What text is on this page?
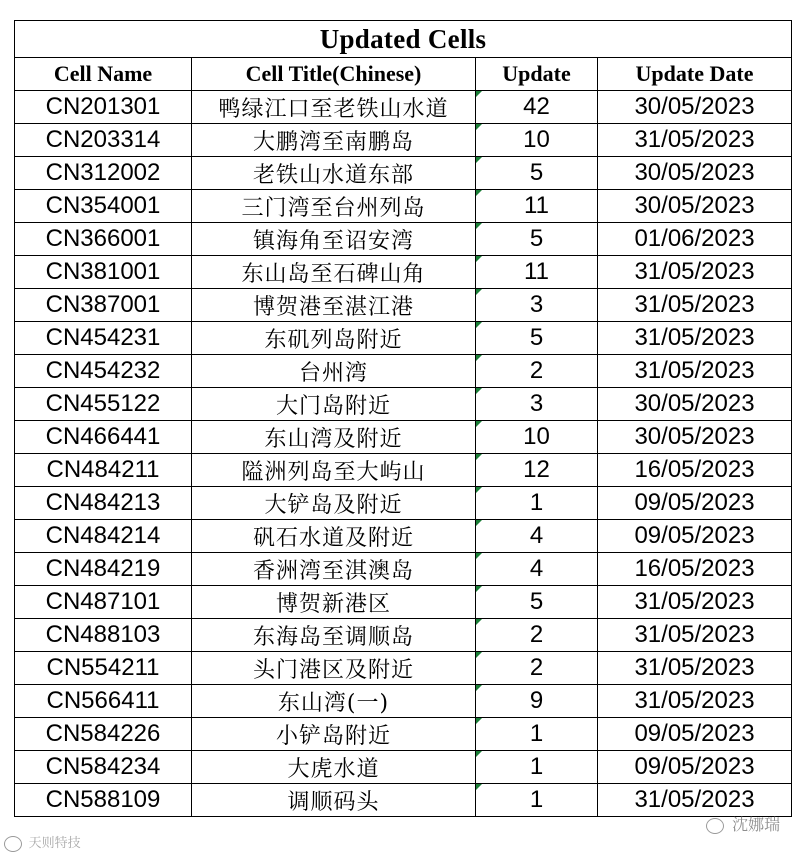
Updated Cells			
Cell Name	Cell Title(Chinese)	Update	Update Date
CN201301	鸭绿江口至老铁山水道	42	30/05/2023
CN203314	大鹏湾至南鹏岛	10	31/05/2023
CN312002	老铁山水道东部	5	30/05/2023
CN354001	三门湾至台州列岛	11	30/05/2023
CN366001	镇海角至诏安湾	5	01/06/2023
CN381001	东山岛至石碑山角	11	31/05/2023
CN387001	博贺港至湛江港	3	31/05/2023
CN454231	东矶列岛附近	5	31/05/2023
CN454232	台州湾	2	31/05/2023
CN455122	大门岛附近	3	30/05/2023
CN466441	东山湾及附近	10	30/05/2023
CN484211	隘洲列岛至大屿山	12	16/05/2023
CN484213	大铲岛及附近	1	09/05/2023
CN484214	矾石水道及附近	4	09/05/2023
CN484219	香洲湾至淇澳岛	4	16/05/2023
CN487101	博贺新港区	5	31/05/2023
CN488103	东海岛至调顺岛	2	31/05/2023
CN554211	头门港区及附近	2	31/05/2023
CN566411	东山湾(一)	9	31/05/2023
CN584226	小铲岛附近	1	09/05/2023
CN584234	大虎水道	1	09/05/2023
CN588109	调顺码头	1	31/05/2023
天则特技
沈娜瑞
